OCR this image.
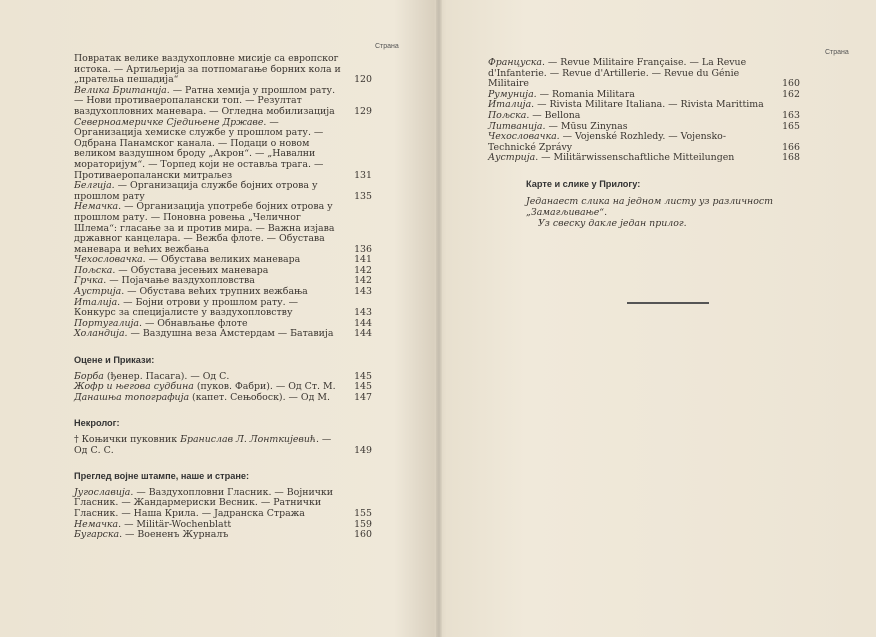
Страна
Повратак велике ваздухопловне мисије са европског истока. — Артиљерија за потпомагање борних кола и „прательа пешадија“	120
Велика Британија. — Ратна хемија у прошлом рату. — Нови противаеропалански топ. — Резултат ваздухопловних маневара. — Огледна мобилизација	129
Северноамеричке Сједињене Државе. — Организација хемиске службе у прошлом рату. — Одбрана Панамског канала. — Подаци о новом великом ваздушном броду „Акрон“. — „Навални мораторијум“. — Торпед који не оставља трага. — Противаеропалански митраљез	131
Белгија. — Организација службе бојних отрова у прошлом рату	135
Немачка. — Организација употребе бојних отрова у прошлом рату. — Поновна ровења „Челичног Шлема“: гласање за и против мира. — Важна изјава државног канцелара. — Вежба флоте. — Обустава маневара и већих вежбања	136
Чехословачка. — Обустава великих маневара	141
Пољска. — Обустава јесењих маневара	142
Грчка. — Појачање ваздухопловства	142
Аустрија. — Обустава већих трупних вежбања	143
Италија. — Бојни отрови у прошлом рату. — Конкурс за специјалисте у ваздухопловству	143
Португалија. — Обнављање флоте	144
Холандија. — Ваздушна веза Амстердам — Батавија	144
Оцене и Прикази:
Борба (ђенер. Пасага). — Од С.	145
Жофр и његова судбина (пуков. Фабри). — Од Ст. М.	145
Данашња топографија (капет. Сењобоск). — Од М.	147
Некролог:
† Коњички пуковник Бранислав Л. Лонткијевић. — Од С. С.	149
Преглед војне штампе, наше и стране:
Југославија. — Ваздухопловни Гласник. — Војнички Гласник. — Жандармериски Весник. — Ратнички Гласник. — Наша Крила. — Јадранска Стража	155
Немачка. — Militär-Wochenblatt	159
Бугарска. — Воененъ Журналъ	160
Страна
Француска. — Revue Militaire Française. — La Revue d'Infanterie. — Revue d'Artillerie. — Revue du Génie Militaire	160
Румунија. — Romania Militara	162
Италија. — Rivista Militare Italiana. — Rivista Marittima
Пољска. — Bellona	163
Литванија. — Mūsu Zinynas	165
Чехословачка. — Vojenské Rozhledy. — Vojensko-Technické Zprávy	166
Аустрија. — Militärwissenschaftliche Mitteilungen	168
Карте и слике у Прилогу:
Једанаест слика на једном листу уз различност „Замагљивање“.
Уз свеску дакле један прилог.
